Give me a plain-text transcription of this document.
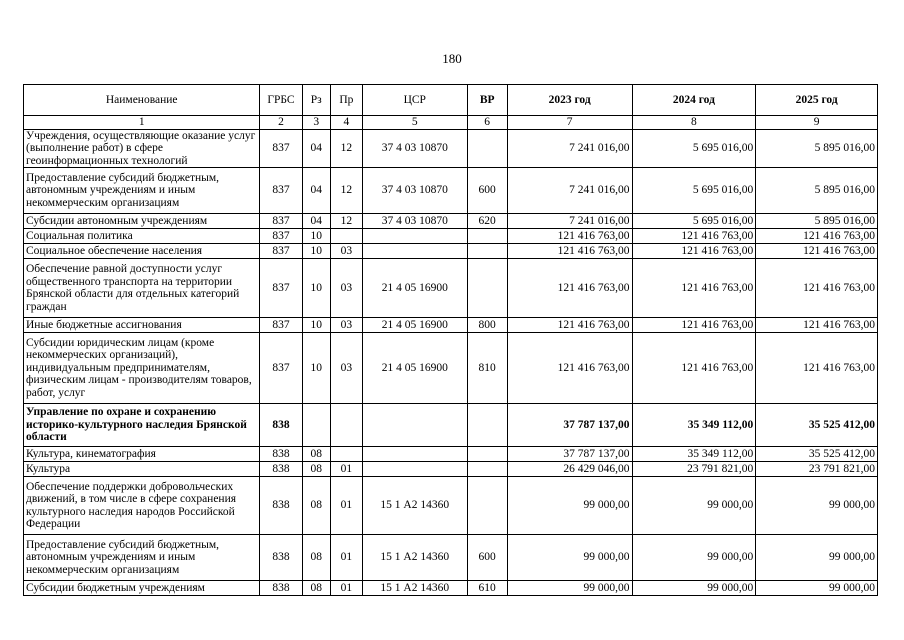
180
Наименование	ГРБС	Рз	Пр	ЦСР	ВР	2023 год	2024 год	2025 год
1	2	3	4	5	6	7	8	9
Учреждения, осуществляющие оказание услуг (выполнение работ) в сфере геоинформационных технологий	837	04	12	37 4 03 10870		7 241 016,00	5 695 016,00	5 895 016,00
Предоставление субсидий бюджетным, автономным учреждениям и иным некоммерческим организациям	837	04	12	37 4 03 10870	600	7 241 016,00	5 695 016,00	5 895 016,00
Субсидии автономным учреждениям	837	04	12	37 4 03 10870	620	7 241 016,00	5 695 016,00	5 895 016,00
Социальная политика	837	10				121 416 763,00	121 416 763,00	121 416 763,00
Социальное обеспечение населения	837	10	03			121 416 763,00	121 416 763,00	121 416 763,00
Обеспечение равной доступности услуг общественного транспорта на территории Брянской области для отдельных категорий граждан	837	10	03	21 4 05 16900		121 416 763,00	121 416 763,00	121 416 763,00
Иные бюджетные ассигнования	837	10	03	21 4 05 16900	800	121 416 763,00	121 416 763,00	121 416 763,00
Субсидии юридическим лицам (кроме некоммерческих организаций), индивидуальным предпринимателям, физическим лицам - производителям товаров, работ, услуг	837	10	03	21 4 05 16900	810	121 416 763,00	121 416 763,00	121 416 763,00
Управление по охране и сохранению историко-культурного наследия Брянской области	838					37 787 137,00	35 349 112,00	35 525 412,00
Культура, кинематография	838	08				37 787 137,00	35 349 112,00	35 525 412,00
Культура	838	08	01			26 429 046,00	23 791 821,00	23 791 821,00
Обеспечение поддержки добровольческих движений, в том числе в сфере сохранения культурного наследия народов Российской Федерации	838	08	01	15 1 А2 14360		99 000,00	99 000,00	99 000,00
Предоставление субсидий бюджетным, автономным учреждениям и иным некоммерческим организациям	838	08	01	15 1 А2 14360	600	99 000,00	99 000,00	99 000,00
Субсидии бюджетным учреждениям	838	08	01	15 1 А2 14360	610	99 000,00	99 000,00	99 000,00
